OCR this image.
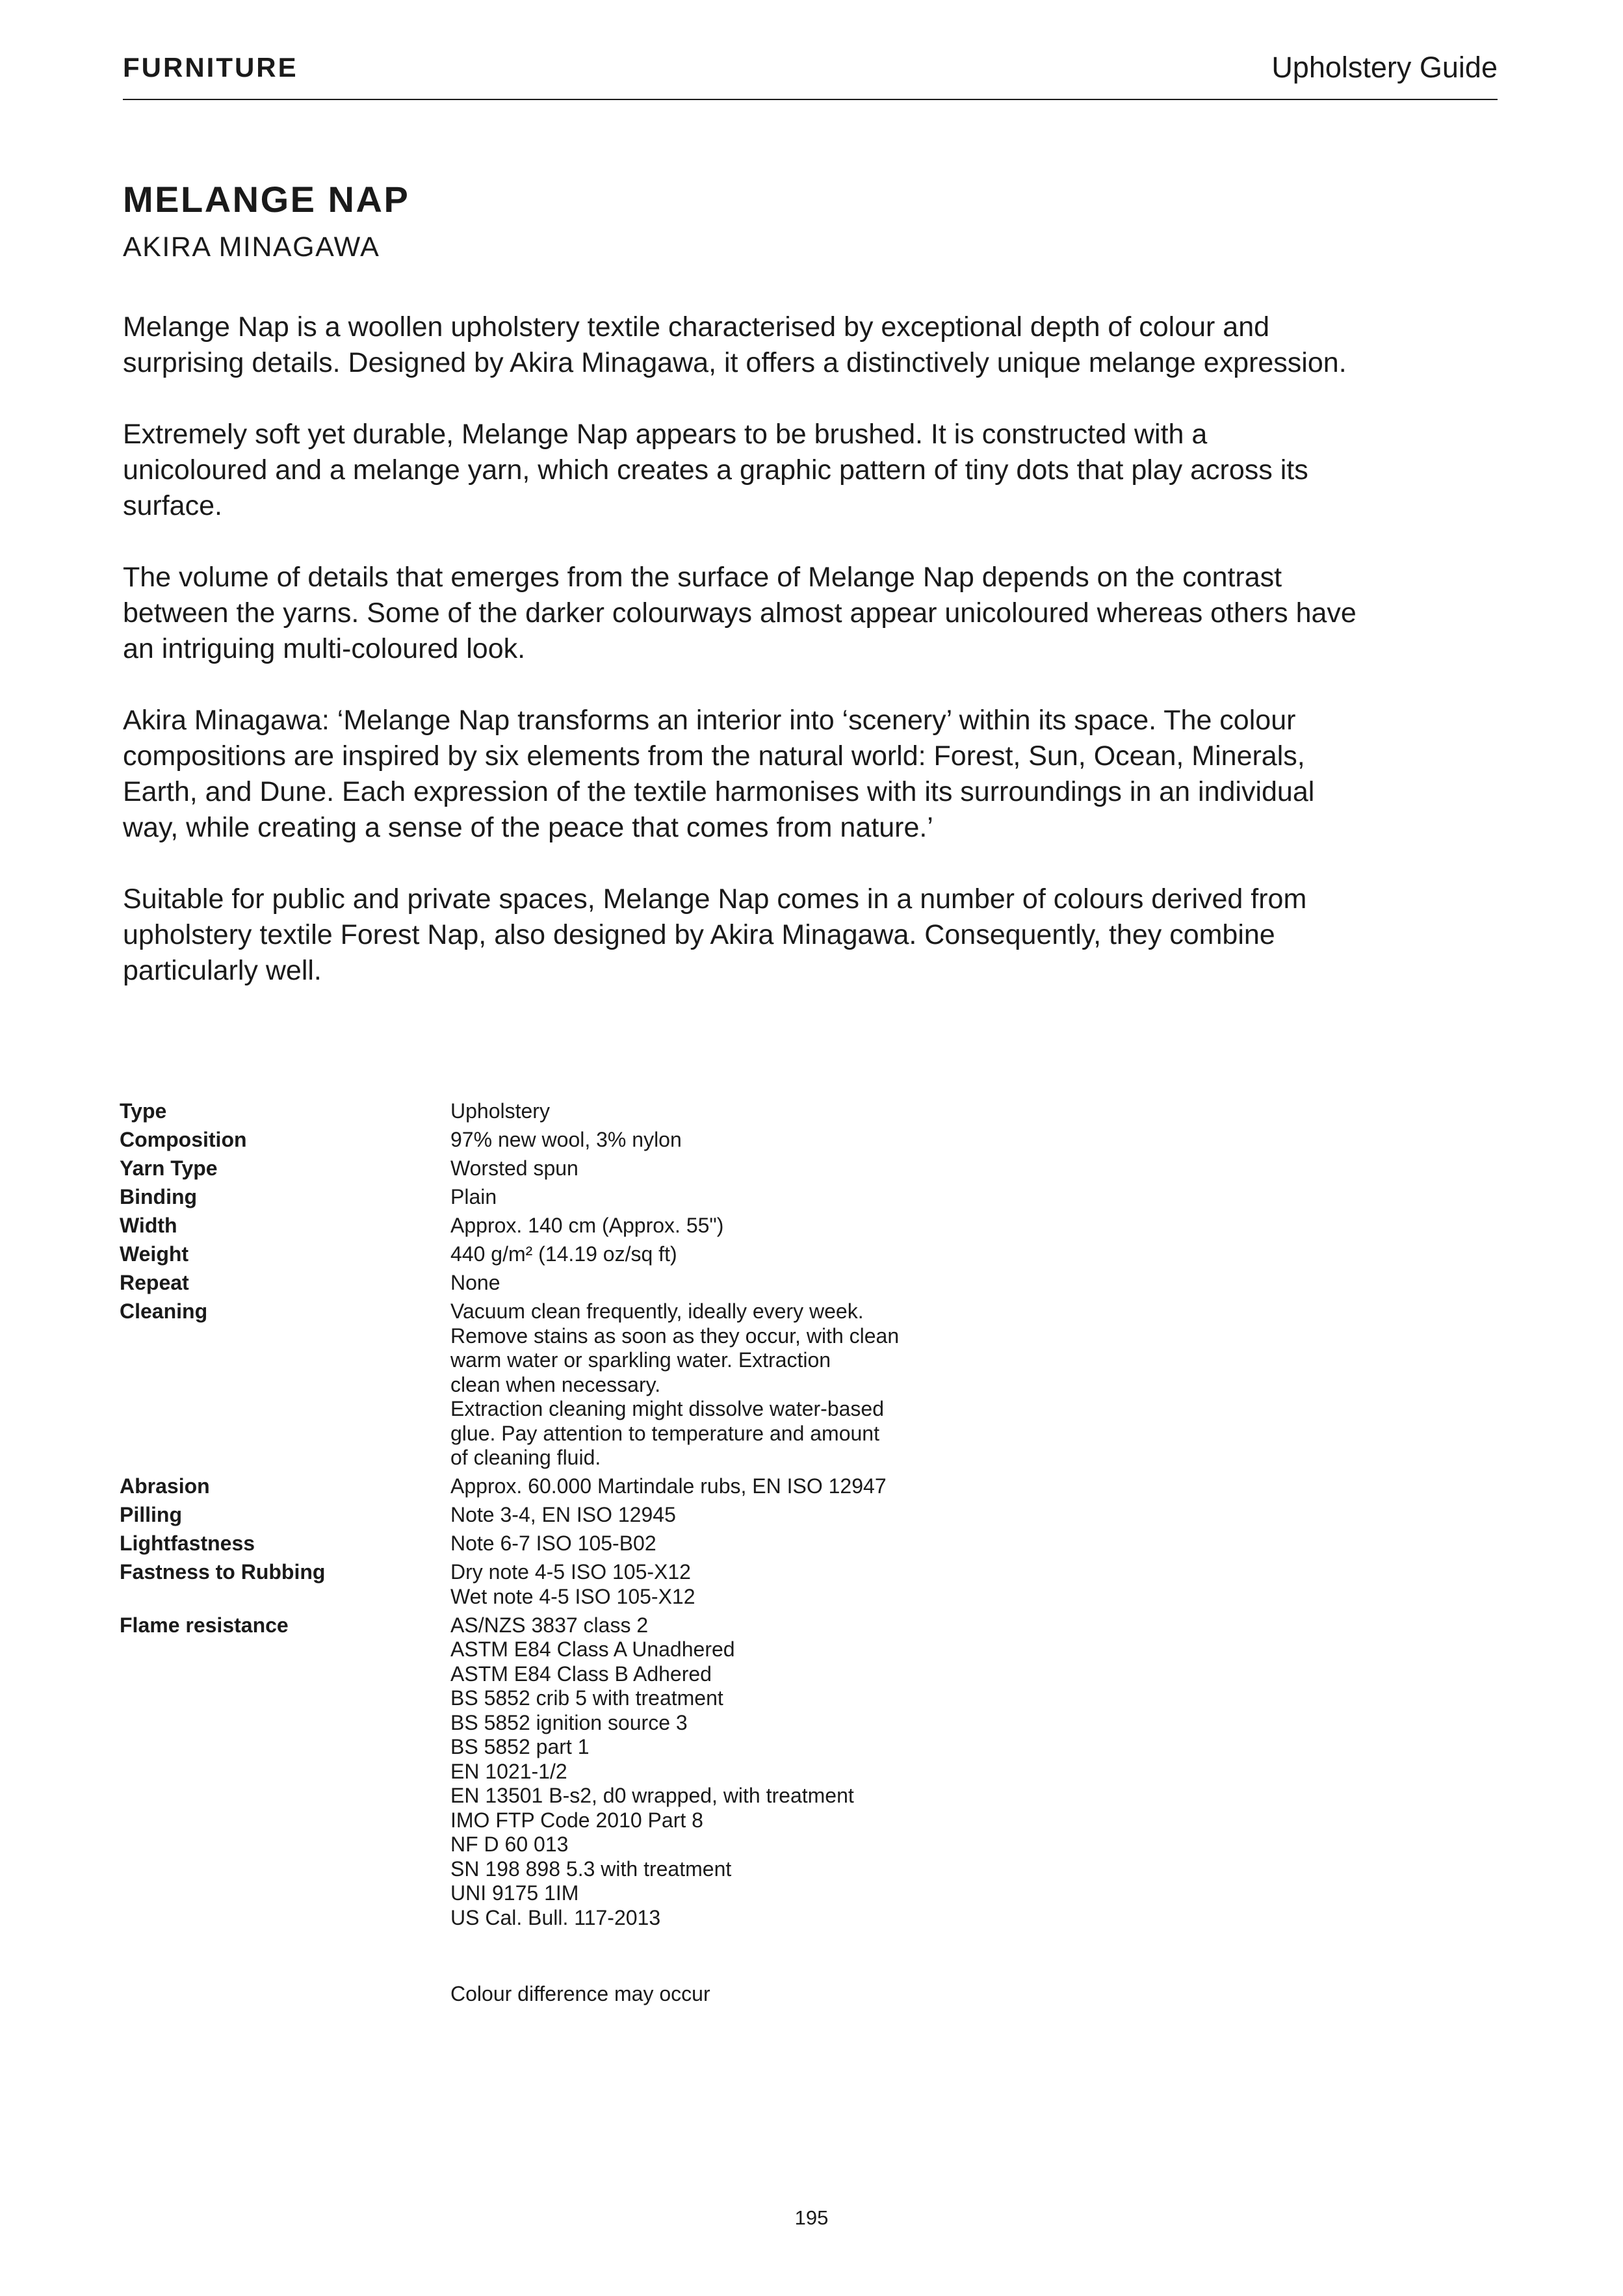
FURNITURE	Upholstery Guide
MELANGE NAP
AKIRA MINAGAWA
Melange Nap is a woollen upholstery textile characterised by exceptional depth of colour and
surprising details. Designed by Akira Minagawa, it offers a distinctively unique melange expression.
Extremely soft yet durable, Melange Nap appears to be brushed. It is constructed with a
unicoloured and a melange yarn, which creates a graphic pattern of tiny dots that play across its
surface.
The volume of details that emerges from the surface of Melange Nap depends on the contrast
between the yarns. Some of the darker colourways almost appear unicoloured whereas others have
an intriguing multi-coloured look.
Akira Minagawa: ‘Melange Nap transforms an interior into ‘scenery’ within its space. The colour
compositions are inspired by six elements from the natural world: Forest, Sun, Ocean, Minerals,
Earth, and Dune. Each expression of the textile harmonises with its surroundings in an individual
way, while creating a sense of the peace that comes from nature.’
Suitable for public and private spaces, Melange Nap comes in a number of colours derived from
upholstery textile Forest Nap, also designed by Akira Minagawa. Consequently, they combine
particularly well.
Type	Upholstery
Composition	97% new wool, 3% nylon
Yarn Type	Worsted spun
Binding	Plain
Width	Approx. 140 cm (Approx. 55")
Weight	440 g/m² (14.19 oz/sq ft)
Repeat	None
Cleaning	Vacuum clean frequently, ideally every week.
Remove stains as soon as they occur, with clean
warm water or sparkling water. Extraction
clean when necessary.
Extraction cleaning might dissolve water-based
glue. Pay attention to temperature and amount
of cleaning fluid.
Abrasion	Approx. 60.000 Martindale rubs, EN ISO 12947
Pilling	Note 3-4, EN ISO 12945
Lightfastness	Note 6-7 ISO 105-B02
Fastness to Rubbing	Dry note 4-5 ISO 105-X12
Wet note 4-5 ISO 105-X12
Flame resistance	AS/NZS 3837 class 2
ASTM E84 Class A Unadhered
ASTM E84 Class B Adhered
BS 5852 crib 5 with treatment
BS 5852 ignition source 3
BS 5852 part 1
EN 1021-1/2
EN 13501 B-s2, d0 wrapped, with treatment
IMO FTP Code 2010 Part 8
NF D 60 013
SN 198 898 5.3 with treatment
UNI 9175 1IM
US Cal. Bull. 117-2013
Colour difference may occur
195
